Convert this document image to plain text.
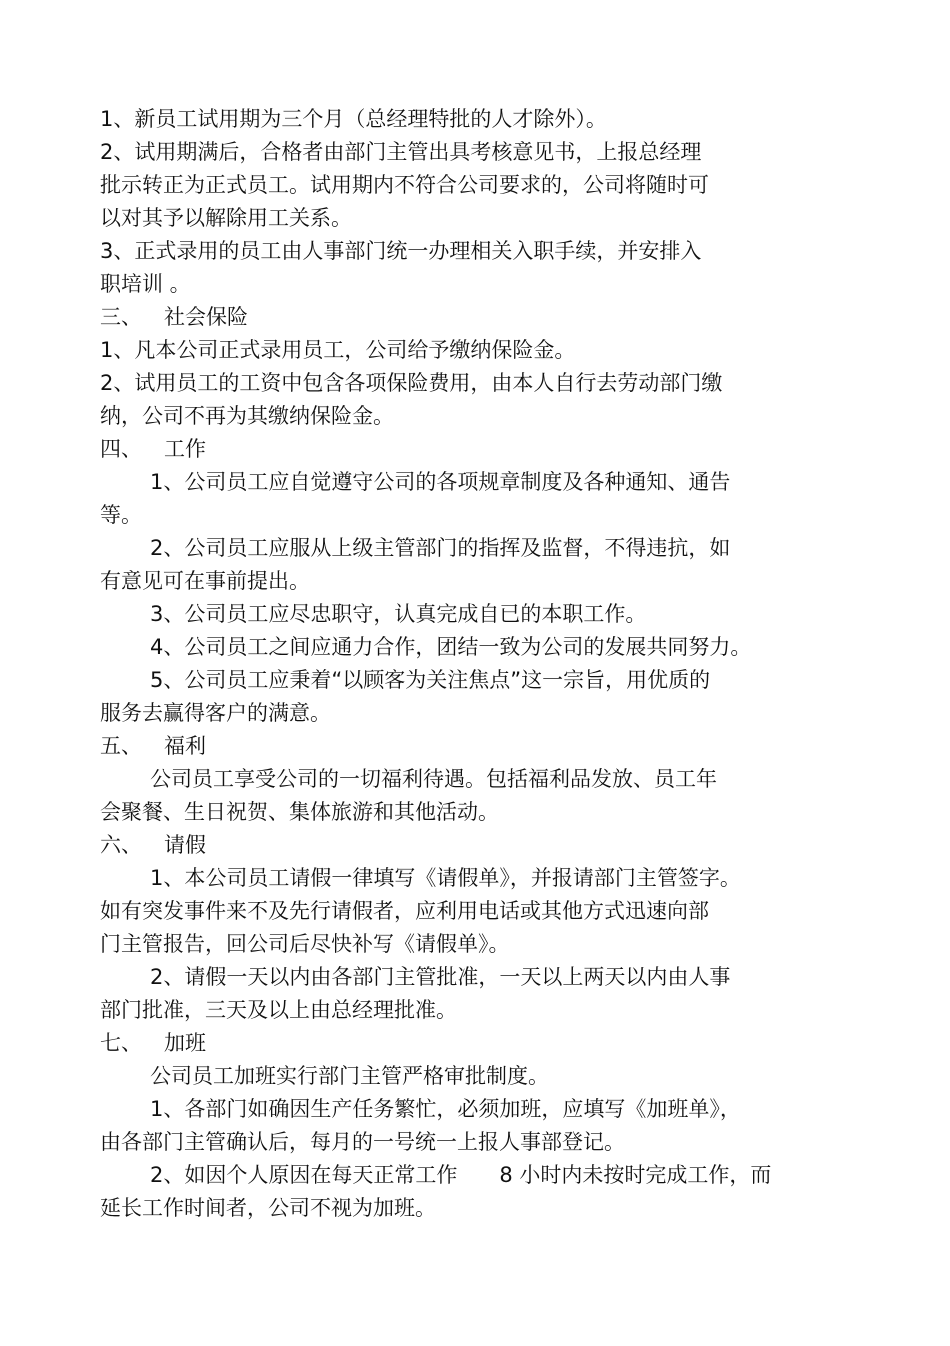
1、新员工试用期为三个月（总经理特批的人才除外）。
2、试用期满后，合格者由部门主管出具考核意见书，上报总经理
批示转正为正式员工。试用期内不符合公司要求的，公司将随时可
以对其予以解除用工关系。
3、正式录用的员工由人事部门统一办理相关入职手续，并安排入
职培训 。
三、 社会保险
1、凡本公司正式录用员工，公司给予缴纳保险金。
2、试用员工的工资中包含各项保险费用，由本人自行去劳动部门缴
纳，公司不再为其缴纳保险金。
四、 工作
1、公司员工应自觉遵守公司的各项规章制度及各种通知、通告
等。
2、公司员工应服从上级主管部门的指挥及监督，不得违抗，如
有意见可在事前提出。
3、公司员工应尽忠职守，认真完成自已的本职工作。
4、公司员工之间应通力合作，团结一致为公司的发展共同努力。
5、公司员工应秉着“以顾客为关注焦点”这一宗旨，用优质的
服务去赢得客户的满意。
五、 福利
公司员工享受公司的一切福利待遇。包括福利品发放、员工年
会聚餐、生日祝贺、集体旅游和其他活动。
六、 请假
1、本公司员工请假一律填写《请假单》，并报请部门主管签字。
如有突发事件来不及先行请假者，应利用电话或其他方式迅速向部
门主管报告，回公司后尽快补写《请假单》。
2、请假一天以内由各部门主管批准，一天以上两天以内由人事
部门批准，三天及以上由总经理批准。
七、 加班
公司员工加班实行部门主管严格审批制度。
1、各部门如确因生产任务繁忙，必须加班，应填写《加班单》，
由各部门主管确认后，每月的一号统一上报人事部登记。
2、如因个人原因在每天正常工作　　8 小时内未按时完成工作，而
延长工作时间者，公司不视为加班。
